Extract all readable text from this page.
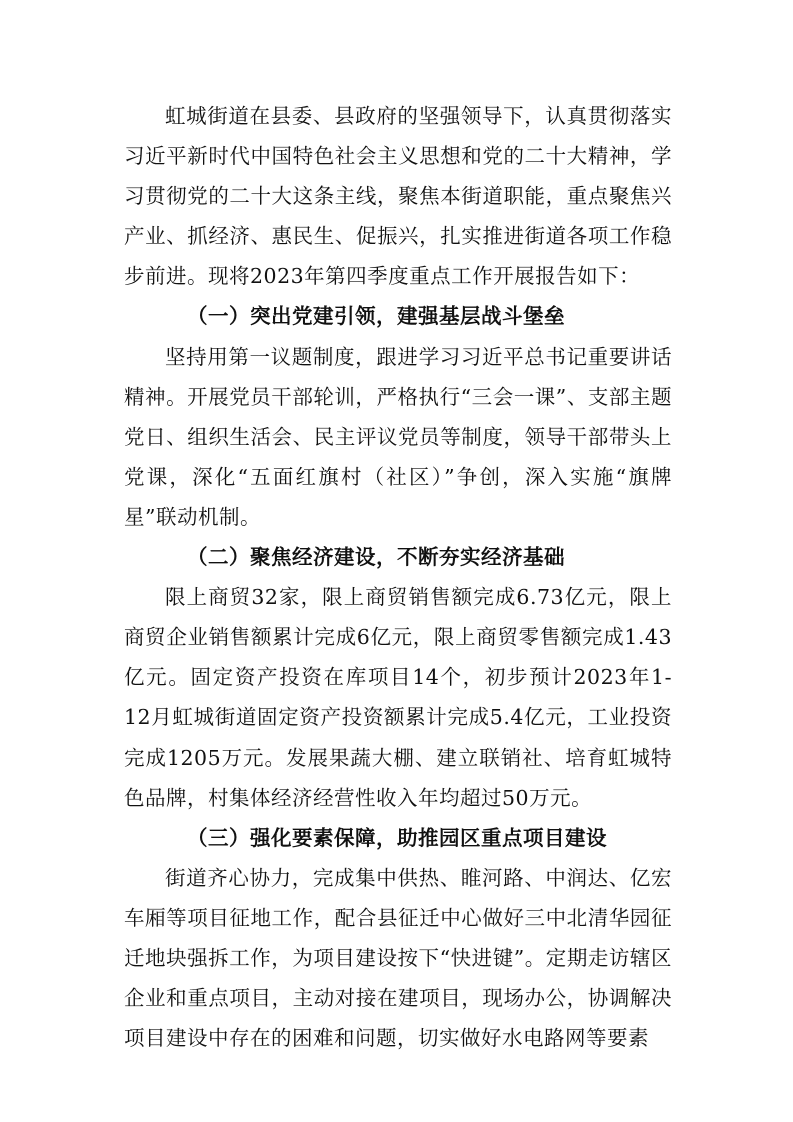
虹城街道在县委、县政府的坚强领导下，认真贯彻落实习近平新时代中国特色社会主义思想和党的二十大精神，学习贯彻党的二十大这条主线，聚焦本街道职能，重点聚焦兴产业、抓经济、惠民生、促振兴，扎实推进街道各项工作稳步前进。现将2023年第四季度重点工作开展报告如下：

（一）突出党建引领，建强基层战斗堡垒

坚持用第一议题制度，跟进学习习近平总书记重要讲话精神。开展党员干部轮训，严格执行“三会一课”、支部主题党日、组织生活会、民主评议党员等制度，领导干部带头上党课，深化“五面红旗村（社区）”争创，深入实施“旗牌星”联动机制。

（二）聚焦经济建设，不断夯实经济基础

限上商贸32家，限上商贸销售额完成6.73亿元，限上商贸企业销售额累计完成6亿元，限上商贸零售额完成1.43亿元。固定资产投资在库项目14个，初步预计2023年1-12月虹城街道固定资产投资额累计完成5.4亿元，工业投资完成1205万元。发展果蔬大棚、建立联销社、培育虹城特色品牌，村集体经济经营性收入年均超过50万元。

（三）强化要素保障，助推园区重点项目建设

街道齐心协力，完成集中供热、睢河路、中润达、亿宏车厢等项目征地工作，配合县征迁中心做好三中北清华园征迁地块强拆工作，为项目建设按下“快进键”。定期走访辖区企业和重点项目，主动对接在建项目，现场办公，协调解决项目建设中存在的困难和问题，切实做好水电路网等要素
